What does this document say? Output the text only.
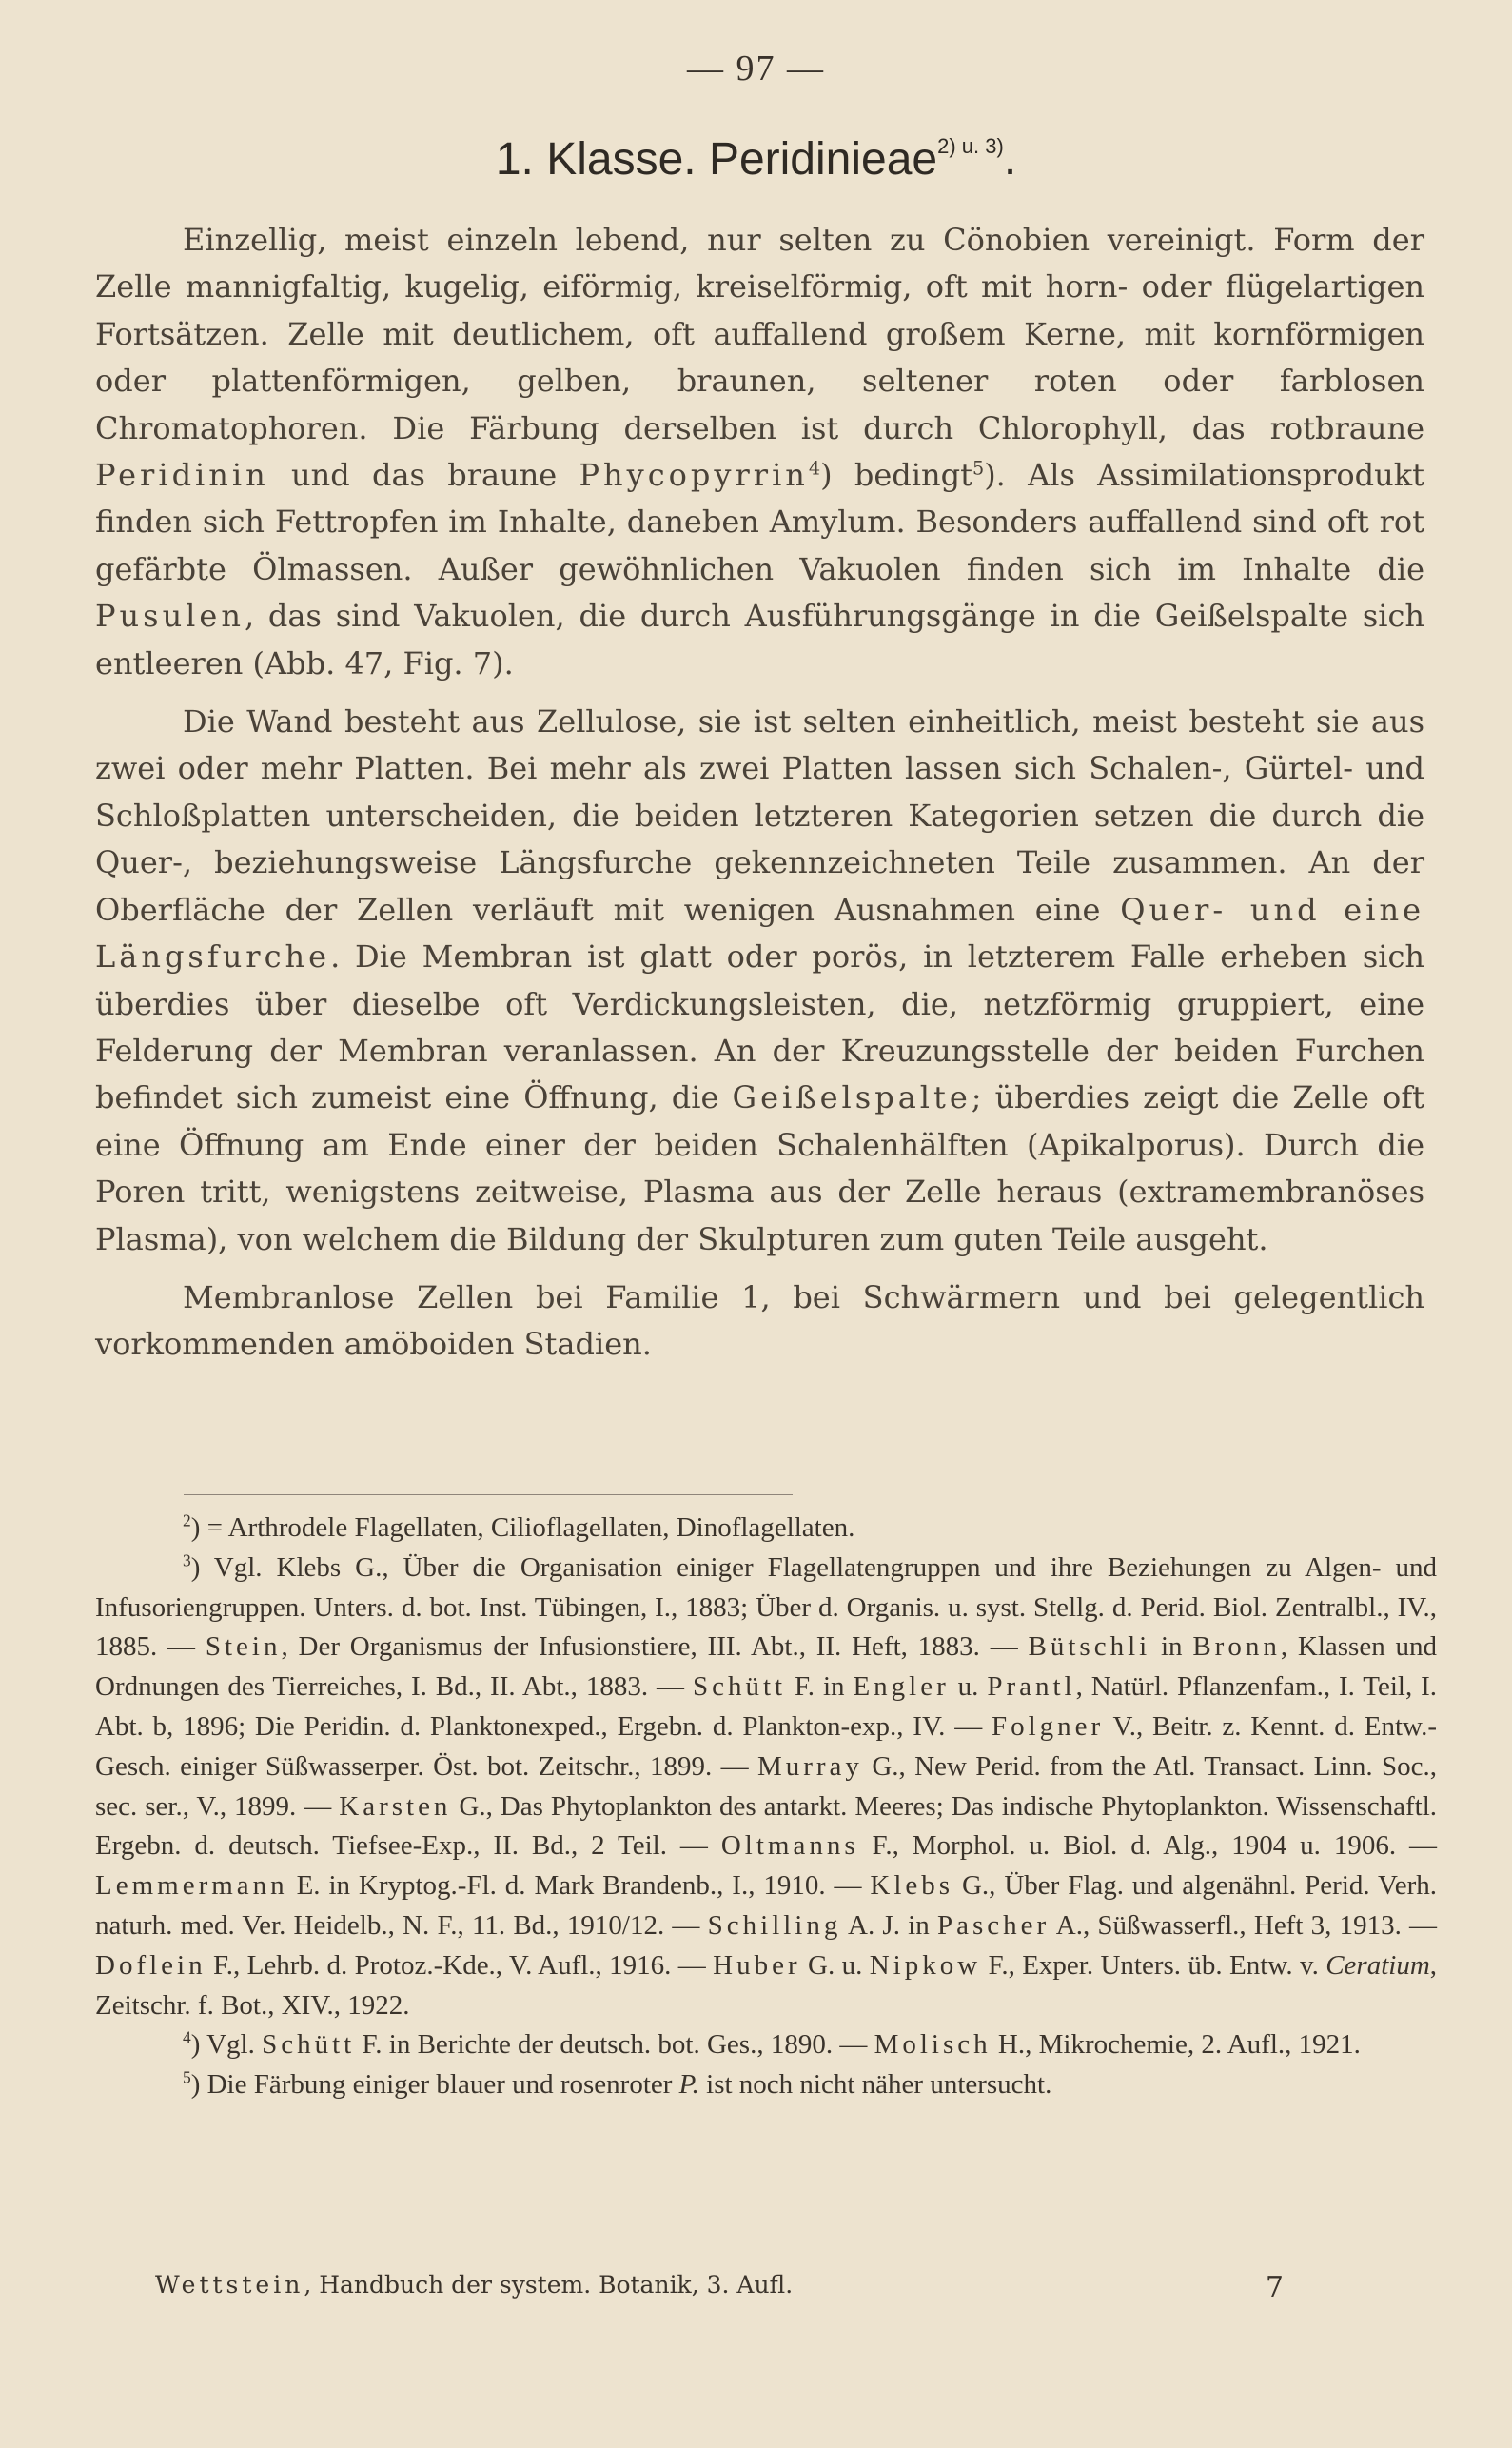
— 97 —
1. Klasse. Peridinieae$^{2) u. 3)}$.

Einzellig, meist einzeln lebend, nur selten zu Cönobien vereinigt. Form der Zelle mannigfaltig, kugelig, eiförmig, kreiselförmig, oft mit horn- oder flügelartigen Fortsätzen. Zelle mit deutlichem, oft auffallend großem Kerne, mit kornförmigen oder plattenförmigen, gelben, braunen, seltener roten oder farblosen Chromatophoren. Die Färbung derselben ist durch Chlorophyll, das rotbraune Peridinin und das braune Phycopyrrin$^4$) bedingt$^5$). Als Assimilationsprodukt finden sich Fettropfen im Inhalte, daneben Amylum. Besonders auffallend sind oft rot gefärbte Ölmassen. Außer gewöhnlichen Vakuolen finden sich im Inhalte die Pusulen, das sind Vakuolen, die durch Ausführungsgänge in die Geißelspalte sich entleeren (Abb. 47, Fig. 7).

Die Wand besteht aus Zellulose, sie ist selten einheitlich, meist besteht sie aus zwei oder mehr Platten. Bei mehr als zwei Platten lassen sich Schalen-, Gürtel- und Schloßplatten unterscheiden, die beiden letzteren Kategorien setzen die durch die Quer-, beziehungsweise Längsfurche gekennzeichneten Teile zusammen. An der Oberfläche der Zellen verläuft mit wenigen Ausnahmen eine Quer- und eine Längsfurche. Die Membran ist glatt oder porös, in letzterem Falle erheben sich überdies über dieselbe oft Verdickungsleisten, die, netzförmig gruppiert, eine Felderung der Membran veranlassen. An der Kreuzungsstelle der beiden Furchen befindet sich zumeist eine Öffnung, die Geißelspalte; überdies zeigt die Zelle oft eine Öffnung am Ende einer der beiden Schalenhälften (Apikalporus). Durch die Poren tritt, wenigstens zeitweise, Plasma aus der Zelle heraus (extramembranöses Plasma), von welchem die Bildung der Skulpturen zum guten Teile ausgeht.

Membranlose Zellen bei Familie 1, bei Schwärmern und bei gelegentlich vorkommenden amöboiden Stadien.

$^2$) = Arthrodele Flagellaten, Cilioflagellaten, Dinoflagellaten.

$^3$) Vgl. Klebs G., Über die Organisation einiger Flagellatengruppen und ihre Beziehungen zu Algen- und Infusoriengruppen. Unters. d. bot. Inst. Tübingen, I., 1883; Über d. Organis. u. syst. Stellg. d. Perid. Biol. Zentralbl., IV., 1885. — Stein, Der Organismus der Infusionstiere, III. Abt., II. Heft, 1883. — Bütschli in Bronn, Klassen und Ordnungen des Tierreiches, I. Bd., II. Abt., 1883. — Schütt F. in Engler u. Prantl, Natürl. Pflanzenfam., I. Teil, I. Abt. b, 1896; Die Peridin. d. Planktonexped., Ergebn. d. Plankton-exp., IV. — Folgner V., Beitr. z. Kennt. d. Entw.-Gesch. einiger Süßwasserper. Öst. bot. Zeitschr., 1899. — Murray G., New Perid. from the Atl. Transact. Linn. Soc., sec. ser., V., 1899. — Karsten G., Das Phytoplankton des antarkt. Meeres; Das indische Phytoplankton. Wissenschaftl. Ergebn. d. deutsch. Tiefsee-Exp., II. Bd., 2 Teil. — Oltmanns F., Morphol. u. Biol. d. Alg., 1904 u. 1906. — Lemmermann E. in Kryptog.-Fl. d. Mark Brandenb., I., 1910. — Klebs G., Über Flag. und algenähnl. Perid. Verh. naturh. med. Ver. Heidelb., N. F., 11. Bd., 1910/12. — Schilling A. J. in Pascher A., Süßwasserfl., Heft 3, 1913. — Doflein F., Lehrb. d. Protoz.-Kde., V. Aufl., 1916. — Huber G. u. Nipkow F., Exper. Unters. üb. Entw. v. Ceratium, Zeitschr. f. Bot., XIV., 1922.

$^4$) Vgl. Schütt F. in Berichte der deutsch. bot. Ges., 1890. — Molisch H., Mikrochemie, 2. Aufl., 1921.

$^5$) Die Färbung einiger blauer und rosenroter P. ist noch nicht näher untersucht.

Wettstein, Handbuch der system. Botanik, 3. Aufl.	7
